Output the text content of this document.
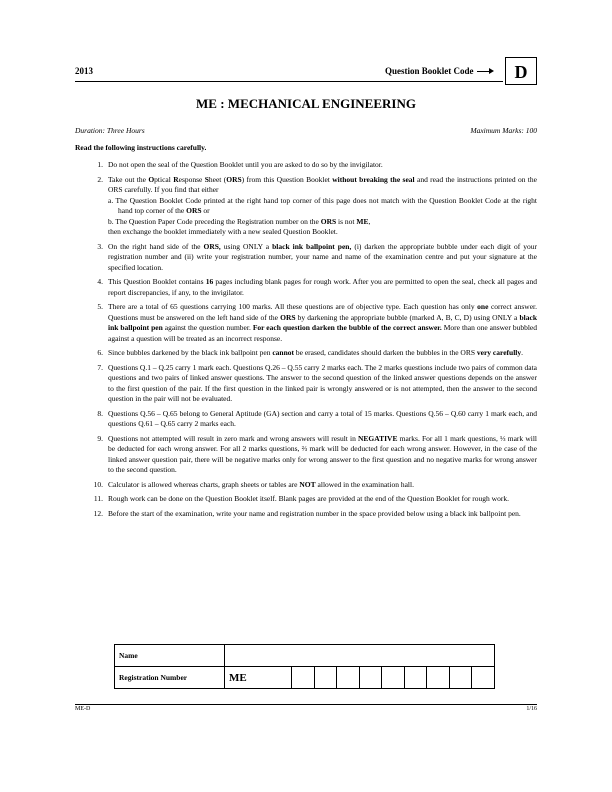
2013	Question Booklet Code	D
ME : MECHANICAL ENGINEERING
Duration: Three Hours	Maximum Marks: 100
Read the following instructions carefully.
1. Do not open the seal of the Question Booklet until you are asked to do so by the invigilator.
2. Take out the Optical Response Sheet (ORS) from this Question Booklet without breaking the seal and read the instructions printed on the ORS carefully. If you find that either
a. The Question Booklet Code printed at the right hand top corner of this page does not match with the Question Booklet Code at the right hand top corner of the ORS or
b. The Question Paper Code preceding the Registration number on the ORS is not ME,
then exchange the booklet immediately with a new sealed Question Booklet.
3. On the right hand side of the ORS, using ONLY a black ink ballpoint pen, (i) darken the appropriate bubble under each digit of your registration number and (ii) write your registration number, your name and name of the examination centre and put your signature at the specified location.
4. This Question Booklet contains 16 pages including blank pages for rough work. After you are permitted to open the seal, check all pages and report discrepancies, if any, to the invigilator.
5. There are a total of 65 questions carrying 100 marks. All these questions are of objective type. Each question has only one correct answer. Questions must be answered on the left hand side of the ORS by darkening the appropriate bubble (marked A, B, C, D) using ONLY a black ink ballpoint pen against the question number. For each question darken the bubble of the correct answer. More than one answer bubbled against a question will be treated as an incorrect response.
6. Since bubbles darkened by the black ink ballpoint pen cannot be erased, candidates should darken the bubbles in the ORS very carefully.
7. Questions Q.1 – Q.25 carry 1 mark each. Questions Q.26 – Q.55 carry 2 marks each. The 2 marks questions include two pairs of common data questions and two pairs of linked answer questions. The answer to the second question of the linked answer questions depends on the answer to the first question of the pair. If the first question in the linked pair is wrongly answered or is not attempted, then the answer to the second question in the pair will not be evaluated.
8. Questions Q.56 – Q.65 belong to General Aptitude (GA) section and carry a total of 15 marks. Questions Q.56 – Q.60 carry 1 mark each, and questions Q.61 – Q.65 carry 2 marks each.
9. Questions not attempted will result in zero mark and wrong answers will result in NEGATIVE marks. For all 1 mark questions, ⅓ mark will be deducted for each wrong answer. For all 2 marks questions, ⅔ mark will be deducted for each wrong answer. However, in the case of the linked answer question pair, there will be negative marks only for wrong answer to the first question and no negative marks for wrong answer to the second question.
10. Calculator is allowed whereas charts, graph sheets or tables are NOT allowed in the examination hall.
11. Rough work can be done on the Question Booklet itself. Blank pages are provided at the end of the Question Booklet for rough work.
12. Before the start of the examination, write your name and registration number in the space provided below using a black ink ballpoint pen.
Name										
Registration Number	ME									
ME-D	1/16
